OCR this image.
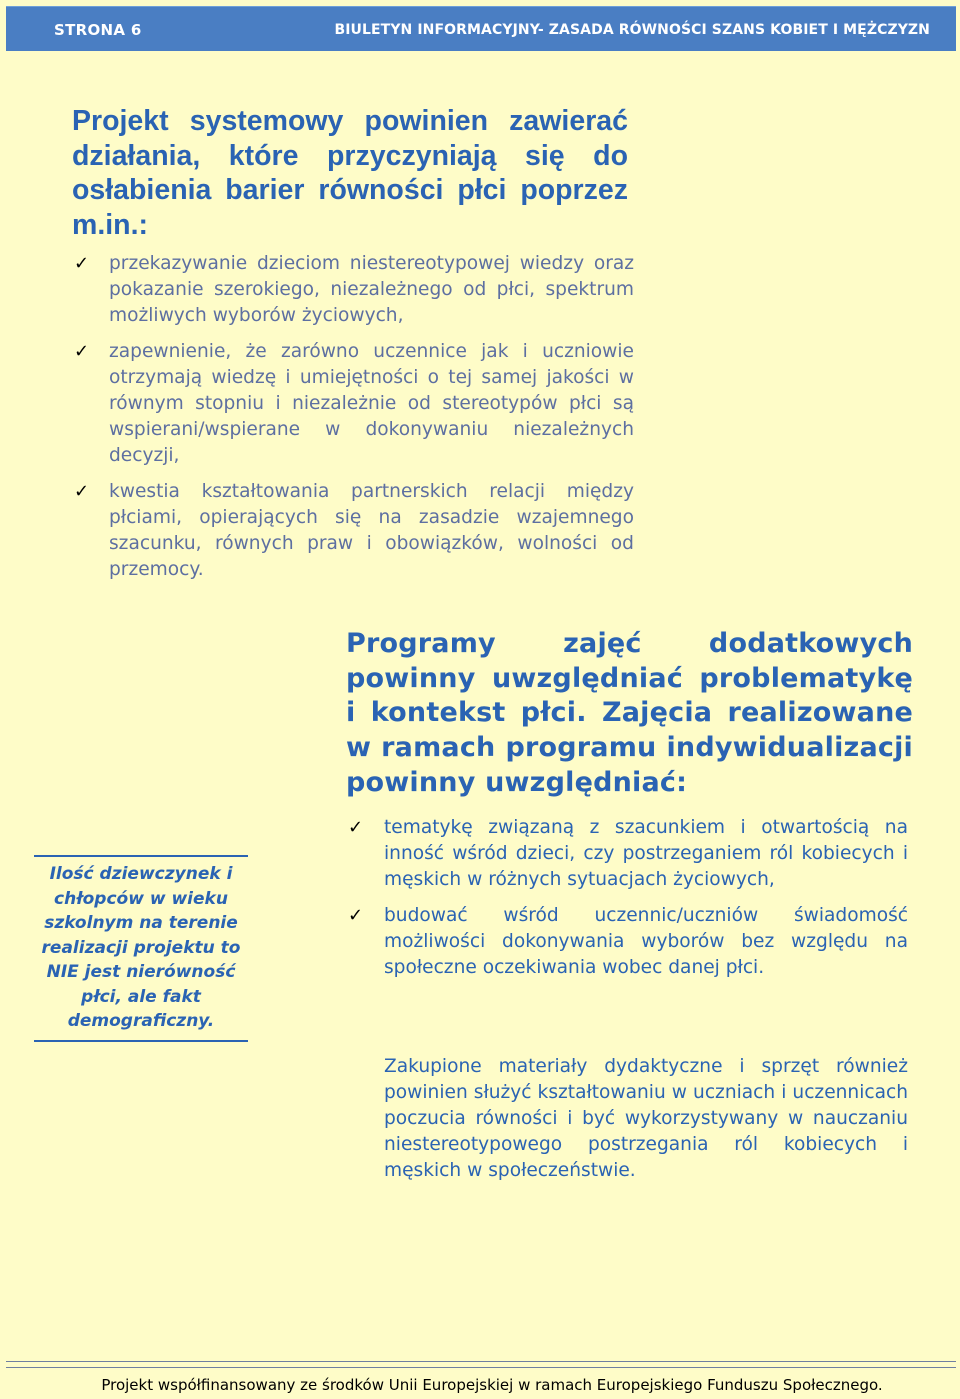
STRONA 6	BIULETYN INFORMACYJNY- ZASADA RÓWNOŚCI SZANS KOBIET I MĘŻCZYZN
Projekt systemowy powinien zawierać działania, które przyczyniają się do osłabienia barier równości płci poprzez m.in.:
✓ przekazywanie dzieciom niestereotypowej wiedzy oraz pokazanie szerokiego, niezależnego od płci, spektrum możliwych wyborów życiowych,
✓ zapewnienie, że zarówno uczennice jak i uczniowie otrzymają wiedzę i umiejętności o tej samej jakości w równym stopniu i niezależnie od stereotypów płci są wspierani/wspierane w dokonywaniu niezależnych decyzji,
✓ kwestia kształtowania partnerskich relacji między płciami, opierających się na zasadzie wzajemnego szacunku, równych praw i obowiązków, wolności od przemocy.
Programy zajęć dodatkowych powinny uwzględniać problematykę i kontekst płci. Zajęcia realizowane w ramach programu indywidualizacji powinny uwzględniać:
✓ tematykę związaną z szacunkiem i otwartością na inność wśród dzieci, czy postrzeganiem ról kobiecych i męskich w różnych sytuacjach życiowych,
✓ budować wśród uczennic/uczniów świadomość możliwości dokonywania wyborów bez względu na społeczne oczekiwania wobec danej płci.

Zakupione materiały dydaktyczne i sprzęt również powinien służyć kształtowaniu w uczniach i uczennicach poczucia równości i być wykorzystywany w nauczaniu niestereotypowego postrzegania ról kobiecych i męskich w społeczeństwie.

Ilość dziewczynek i chłopców w wieku szkolnym na terenie realizacji projektu to NIE jest nierówność płci, ale fakt demograficzny.

Projekt współfinansowany ze środków Unii Europejskiej w ramach Europejskiego Funduszu Społecznego.
